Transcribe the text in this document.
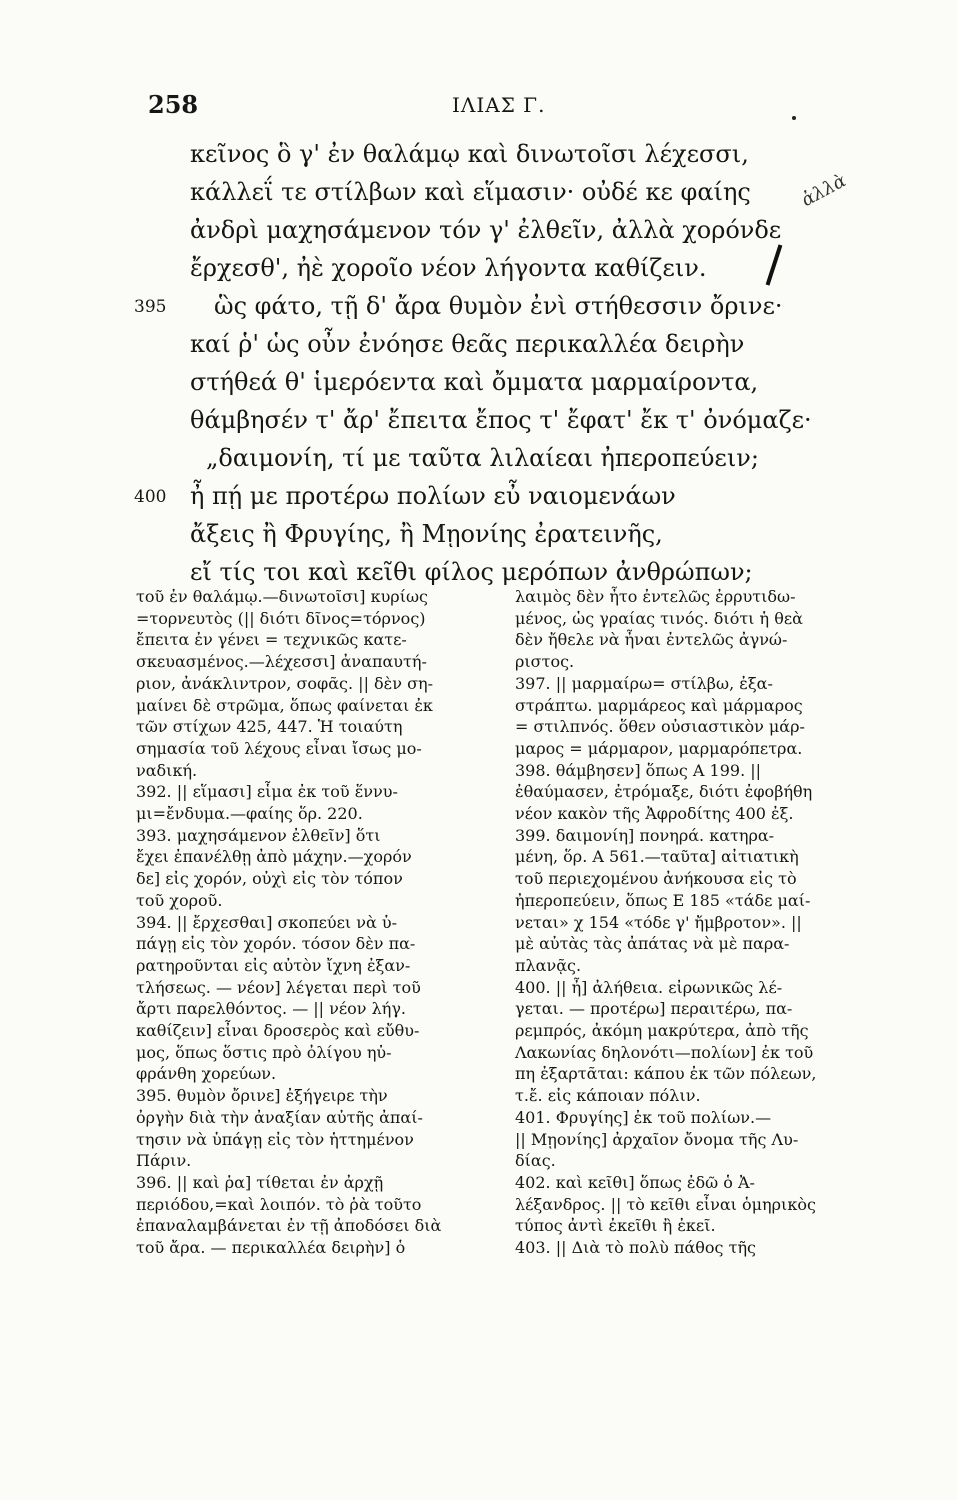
258	ΙΛΙΑΣ Γ.
κεῖνος ὃ γ' ἐν θαλάμῳ καὶ δινωτοῖσι λέχεσσι,
κάλλεΐ τε στίλβων καὶ εἵμασιν· οὐδέ κε φαίης
ἀνδρὶ μαχησάμενον τόν γ' ἐλθεῖν, ἀλλὰ χορόνδε
ἔρχεσθ', ἠὲ χοροῖο νέον λήγοντα καθίζειν.
395 ὣς φάτο, τῇ δ' ἄρα θυμὸν ἐνὶ στήθεσσιν ὄρινε·
καί ῥ' ὡς οὖν ἐνόησε θεᾶς περικαλλέα δειρὴν
στήθεά θ' ἱμερόεντα καὶ ὄμματα μαρμαίροντα,
θάμβησέν τ' ἄρ' ἔπειτα ἔπος τ' ἔφατ' ἔκ τ' ὀνόμαζε·
„δαιμονίη, τί με ταῦτα λιλαίεαι ἠπεροπεύειν;
400 ἦ πῄ με προτέρω πολίων εὖ ναιομενάων
ἄξεις ἢ Φρυγίης, ἢ Μῃονίης ἐρατεινῆς,
εἴ τίς τοι καὶ κεῖθι φίλος μερόπων ἀνθρώπων;
ἀλλὰ
τοῦ ἐν θαλάμῳ.—δινωτοῖσι] κυρίως
=τορνευτὸς (|| διότι δῖνος=τόρνος)
ἔπειτα ἐν γένει = τεχνικῶς κατε-
σκευασμένος.—λέχεσσι] ἀναπαυτή-
ριον, ἀνάκλιντρον, σοφᾶς. || δὲν ση-
μαίνει δὲ στρῶμα, ὅπως φαίνεται ἐκ
τῶν στίχων 425, 447. Ἡ τοιαύτη
σημασία τοῦ λέχους εἶναι ἴσως μο-
ναδική.
392. || εἵμασι] εἷμα ἐκ τοῦ ἕννυ-
μι=ἔνδυμα.—φαίης ὅρ. 220.
393. μαχησάμενον ἐλθεῖν] ὅτι
ἔχει ἐπανέλθῃ ἀπὸ μάχην.—χορόν
δε] εἰς χορόν, οὐχὶ εἰς τὸν τόπον
τοῦ χοροῦ.
394. || ἔρχεσθαι] σκοπεύει νὰ ὑ-
πάγῃ εἰς τὸν χορόν. τόσον δὲν πα-
ρατηροῦνται εἰς αὐτὸν ἴχνη ἐξαν-
τλήσεως. — νέον] λέγεται περὶ τοῦ
ἄρτι παρελθόντος. — || νέον λήγ.
καθίζειν] εἶναι δροσερὸς καὶ εὔθυ-
μος, ὅπως ὅστις πρὸ ὀλίγου ηὐ-
φράνθη χορεύων.
395. θυμὸν ὄρινε] ἐξήγειρε τὴν
ὀργὴν διὰ τὴν ἀναξίαν αὐτῆς ἀπαί-
τησιν νὰ ὑπάγῃ εἰς τὸν ἡττημένον
Πάριν.
396. || καὶ ῥα] τίθεται ἐν ἀρχῇ
περιόδου,=καὶ λοιπόν. τὸ ῥὰ τοῦτο
ἐπαναλαμβάνεται ἐν τῇ ἀποδόσει διὰ
τοῦ ἄρα. — περικαλλέα δειρὴν] ὁ
λαιμὸς δὲν ἦτο ἐντελῶς ἐρρυτιδω-
μένος, ὡς γραίας τινός. διότι ἡ θεὰ
δὲν ἤθελε νὰ ἦναι ἐντελῶς ἀγνώ-
ριστος.
397. || μαρμαίρω= στίλβω, ἐξα-
στράπτω. μαρμάρεος καὶ μάρμαρος
= στιλπνός. ὅθεν οὐσιαστικὸν μάρ-
μαρος = μάρμαρον, μαρμαρόπετρα.
398. θάμβησεν] ὅπως Α 199. ||
ἐθαύμασεν, ἐτρόμαξε, διότι ἐφοβήθη
νέον κακὸν τῆς Ἀφροδίτης 400 ἐξ.
399. δαιμονίη] πονηρά. κατηρα-
μένη, ὅρ. Α 561.—ταῦτα] αἰτιατικὴ
τοῦ περιεχομένου ἀνήκουσα εἰς τὸ
ἠπεροπεύειν, ὅπως Ε 185 «τάδε μαί-
νεται» χ 154 «τόδε γ' ἤμβροτον». ||
μὲ αὐτὰς τὰς ἀπάτας νὰ μὲ παρα-
πλανᾷς.
400. || ἦ] ἀλήθεια. εἰρωνικῶς λέ-
γεται. — προτέρω] περαιτέρω, πα-
ρεμπρός, ἀκόμη μακρύτερα, ἀπὸ τῆς
Λακωνίας δηλονότι—πολίων] ἐκ τοῦ
πη ἐξαρτᾶται: κάπου ἐκ τῶν πόλεων,
τ.ἔ. εἰς κάποιαν πόλιν.
401. Φρυγίης] ἐκ τοῦ πολίων.—
|| Μῃονίης] ἀρχαῖον ὄνομα τῆς Λυ-
δίας.
402. καὶ κεῖθι] ὅπως ἐδῶ ὁ Ἀ-
λέξανδρος. || τὸ κεῖθι εἶναι ὁμηρικὸς
τύπος ἀντὶ ἐκεῖθι ἢ ἐκεῖ.
403. || Διὰ τὸ πολὺ πάθος τῆς
